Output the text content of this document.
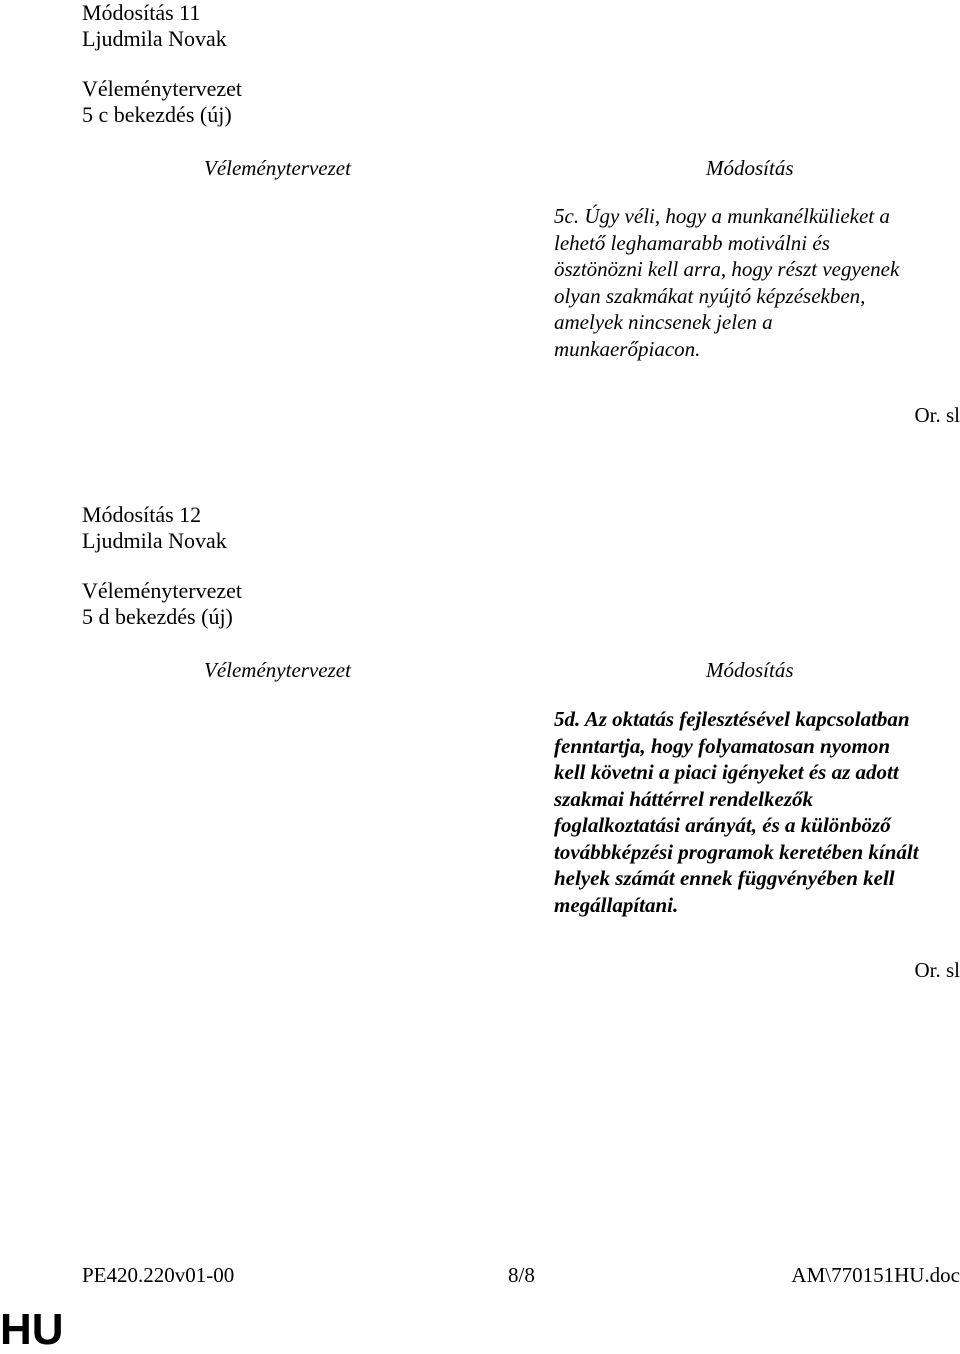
Módosítás 11
Ljudmila Novak
Véleménytervezet
5 c bekezdés (új)
Véleménytervezet	Módosítás
5c. Úgy véli, hogy a munkanélkülieket a
lehető leghamarabb motiválni és
ösztönözni kell arra, hogy részt vegyenek
olyan szakmákat nyújtó képzésekben,
amelyek nincsenek jelen a
munkaerőpiacon.
Or. sl
Módosítás 12
Ljudmila Novak
Véleménytervezet
5 d bekezdés (új)
Véleménytervezet	Módosítás
5d. Az oktatás fejlesztésével kapcsolatban
fenntartja, hogy folyamatosan nyomon
kell követni a piaci igényeket és az adott
szakmai háttérrel rendelkezők
foglalkoztatási arányát, és a különböző
továbbképzési programok keretében kínált
helyek számát ennek függvényében kell
megállapítani.
Or. sl
PE420.220v01-00	8/8	AM\770151HU.doc
HU
